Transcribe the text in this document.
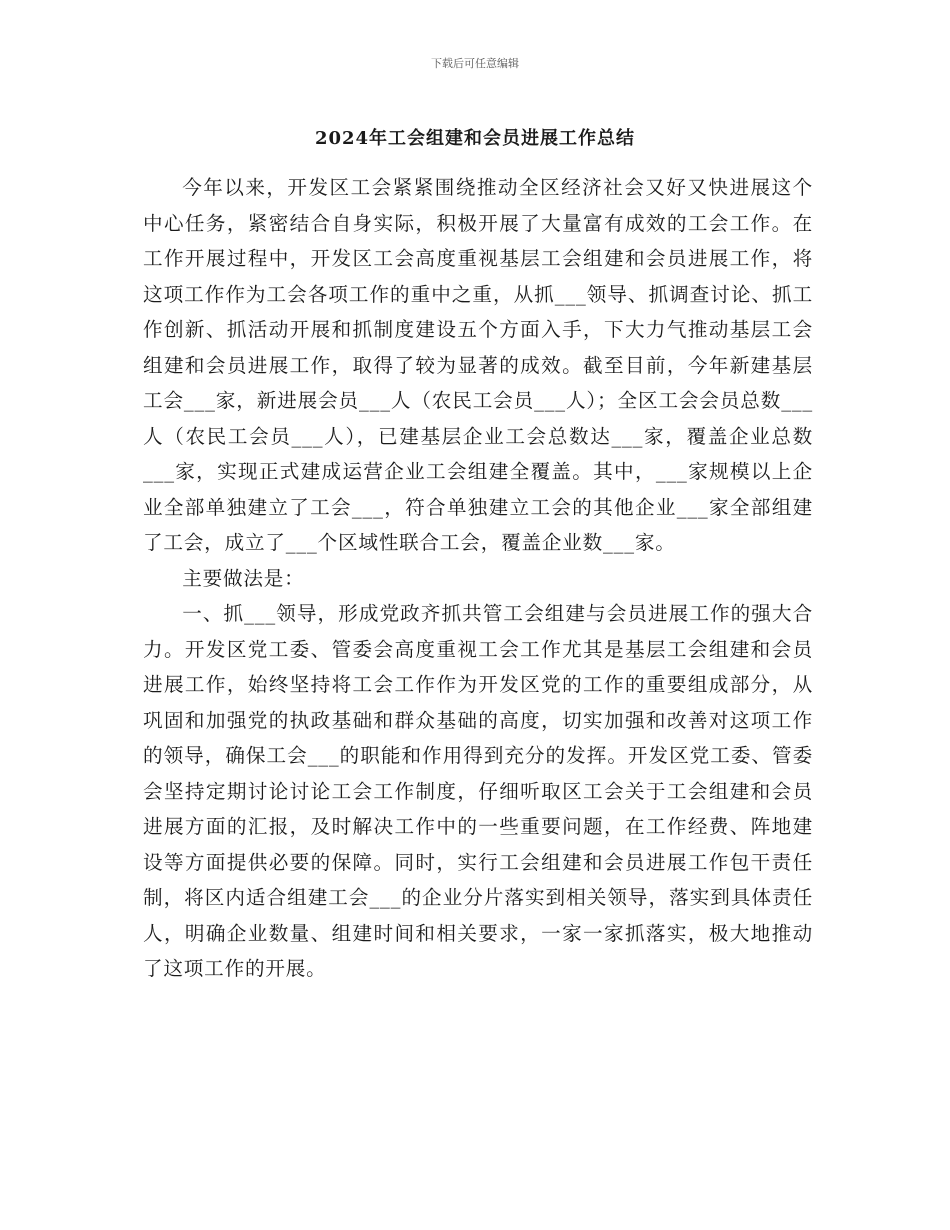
下载后可任意编辑
2024年工会组建和会员进展工作总结

今年以来，开发区工会紧紧围绕推动全区经济社会又好又快进展这个中心任务，紧密结合自身实际，积极开展了大量富有成效的工会工作。在工作开展过程中，开发区工会高度重视基层工会组建和会员进展工作，将这项工作作为工会各项工作的重中之重，从抓___领导、抓调查讨论、抓工作创新、抓活动开展和抓制度建设五个方面入手，下大力气推动基层工会组建和会员进展工作，取得了较为显著的成效。截至目前，今年新建基层工会___家，新进展会员___人（农民工会员___人）；全区工会会员总数___人（农民工会员___人），已建基层企业工会总数达___家，覆盖企业总数___家，实现正式建成运营企业工会组建全覆盖。其中，___家规模以上企业全部单独建立了工会___，符合单独建立工会的其他企业___家全部组建了工会，成立了___个区域性联合工会，覆盖企业数___家。

主要做法是：

一、抓___领导，形成党政齐抓共管工会组建与会员进展工作的强大合力。开发区党工委、管委会高度重视工会工作尤其是基层工会组建和会员进展工作，始终坚持将工会工作作为开发区党的工作的重要组成部分，从巩固和加强党的执政基础和群众基础的高度，切实加强和改善对这项工作的领导，确保工会___的职能和作用得到充分的发挥。开发区党工委、管委会坚持定期讨论讨论工会工作制度，仔细听取区工会关于工会组建和会员进展方面的汇报，及时解决工作中的一些重要问题，在工作经费、阵地建设等方面提供必要的保障。同时，实行工会组建和会员进展工作包干责任制，将区内适合组建工会___的企业分片落实到相关领导，落实到具体责任人，明确企业数量、组建时间和相关要求，一家一家抓落实，极大地推动了这项工作的开展。
